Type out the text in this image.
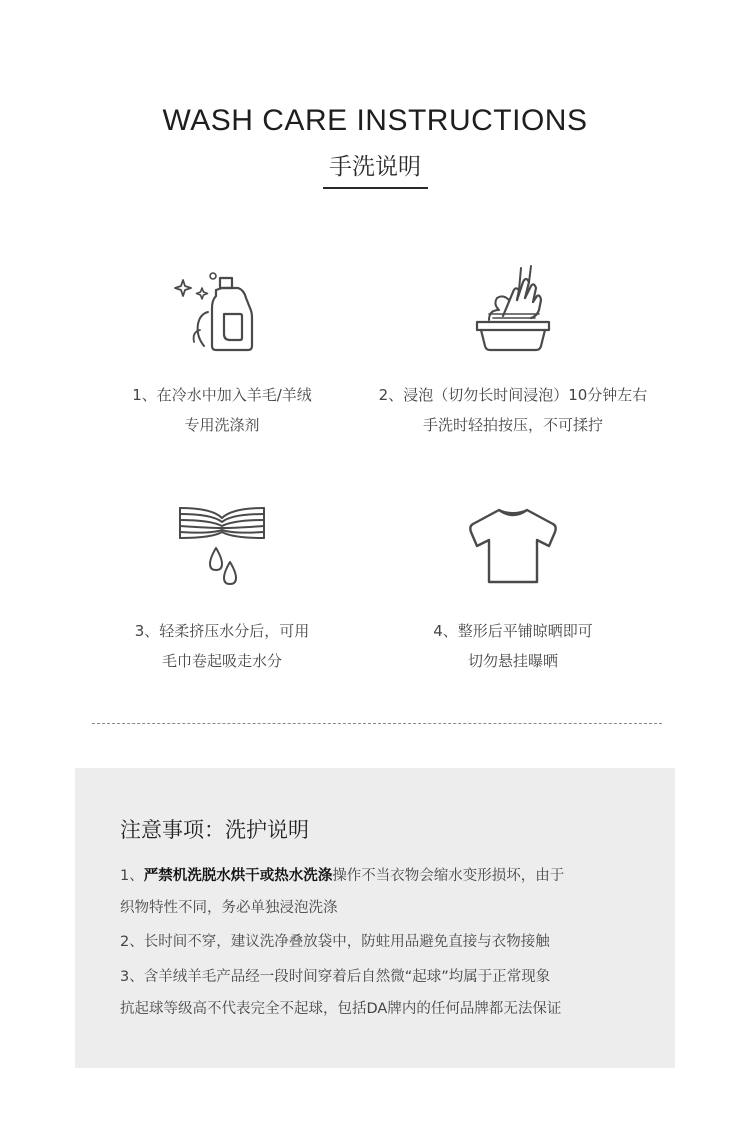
WASH CARE INSTRUCTIONS
手洗说明
1、在冷水中加入羊毛/羊绒
专用洗涤剂
2、浸泡（切勿长时间浸泡）10分钟左右
手洗时轻拍按压，不可揉拧
3、轻柔挤压水分后，可用
毛巾卷起吸走水分
4、整形后平铺晾晒即可
切勿悬挂曝晒
注意事项：洗护说明
1、严禁机洗脱水烘干或热水洗涤操作不当衣物会缩水变形损坏，由于
织物特性不同，务必单独浸泡洗涤
2、长时间不穿，建议洗净叠放袋中，防蛀用品避免直接与衣物接触
3、含羊绒羊毛产品经一段时间穿着后自然微“起球”均属于正常现象
抗起球等级高不代表完全不起球，包括DA牌内的任何品牌都无法保证
